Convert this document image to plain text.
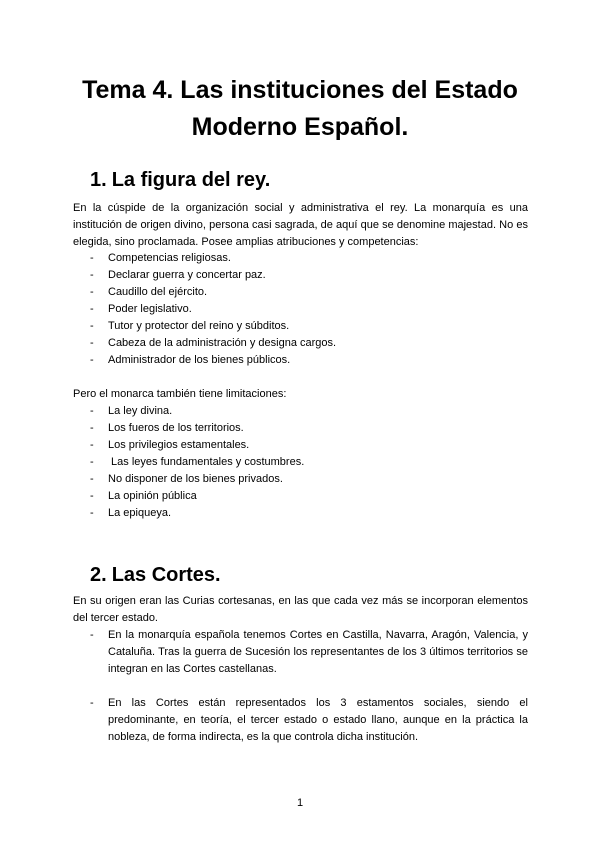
Tema 4. Las instituciones del Estado
Moderno Español.
1. La figura del rey.

En la cúspide de la organización social y administrativa el rey. La monarquía es una institución de origen divino, persona casi sagrada, de aquí que se denomine majestad. No es elegida, sino proclamada. Posee amplias atribuciones y competencias:

- Competencias religiosas.
- Declarar guerra y concertar paz.
- Caudillo del ejército.
- Poder legislativo.
- Tutor y protector del reino y súbditos.
- Cabeza de la administración y designa cargos.
- Administrador de los bienes públicos.

Pero el monarca también tiene limitaciones:

- La ley divina.
- Los fueros de los territorios.
- Los privilegios estamentales.
- Las leyes fundamentales y costumbres.
- No disponer de los bienes privados.
- La opinión pública
- La epiqueya.
2. Las Cortes.

En su origen eran las Curias cortesanas, en las que cada vez más se incorporan elementos del tercer estado.

- En la monarquía española tenemos Cortes en Castilla, Navarra, Aragón, Valencia, y Cataluña. Tras la guerra de Sucesión los representantes de los 3 últimos territorios se integran en las Cortes castellanas.
- En las Cortes están representados los 3 estamentos sociales, siendo el predominante, en teoría, el tercer estado o estado llano, aunque en la práctica la nobleza, de forma indirecta, es la que controla dicha institución.
1
